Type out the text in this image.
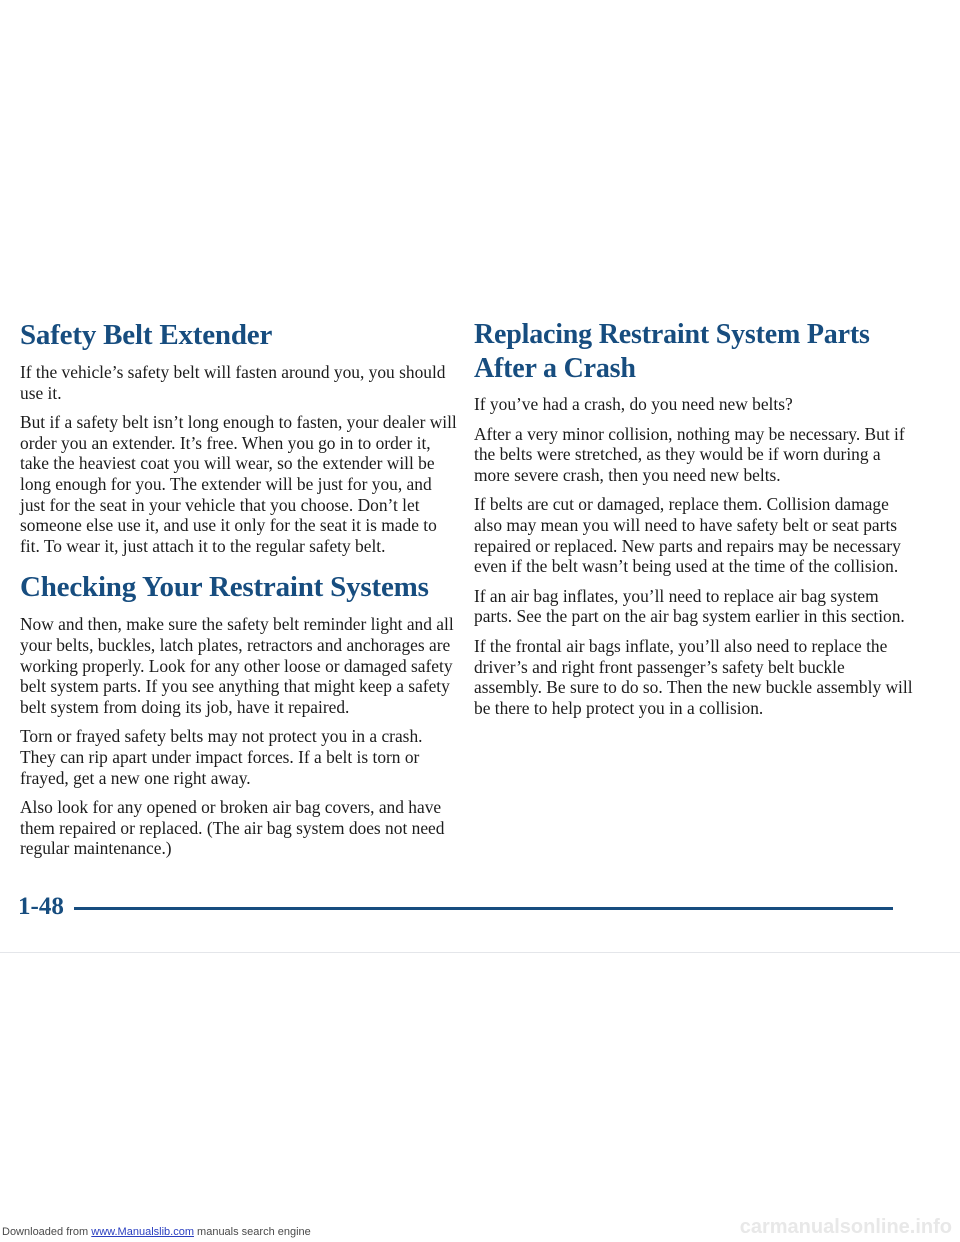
Safety Belt Extender

If the vehicle’s safety belt will fasten around you, you should use it.

But if a safety belt isn’t long enough to fasten, your dealer will order you an extender. It’s free. When you go in to order it, take the heaviest coat you will wear, so the extender will be long enough for you. The extender will be just for you, and just for the seat in your vehicle that you choose. Don’t let someone else use it, and use it only for the seat it is made to fit. To wear it, just attach it to the regular safety belt.

Checking Your Restraint Systems

Now and then, make sure the safety belt reminder light and all your belts, buckles, latch plates, retractors and anchorages are working properly. Look for any other loose or damaged safety belt system parts. If you see anything that might keep a safety belt system from doing its job, have it repaired.

Torn or frayed safety belts may not protect you in a crash. They can rip apart under impact forces. If a belt is torn or frayed, get a new one right away.

Also look for any opened or broken air bag covers, and have them repaired or replaced. (The air bag system does not need regular maintenance.)

Replacing Restraint System Parts After a Crash

If you’ve had a crash, do you need new belts?

After a very minor collision, nothing may be necessary. But if the belts were stretched, as they would be if worn during a more severe crash, then you need new belts.

If belts are cut or damaged, replace them. Collision damage also may mean you will need to have safety belt or seat parts repaired or replaced. New parts and repairs may be necessary even if the belt wasn’t being used at the time of the collision.

If an air bag inflates, you’ll need to replace air bag system parts. See the part on the air bag system earlier in this section.

If the frontal air bags inflate, you’ll also need to replace the driver’s and right front passenger’s safety belt buckle assembly. Be sure to do so. Then the new buckle assembly will be there to help protect you in a collision.

1-48
Downloaded from www.Manualslib.com manuals search engine	carmanualsonline.info
